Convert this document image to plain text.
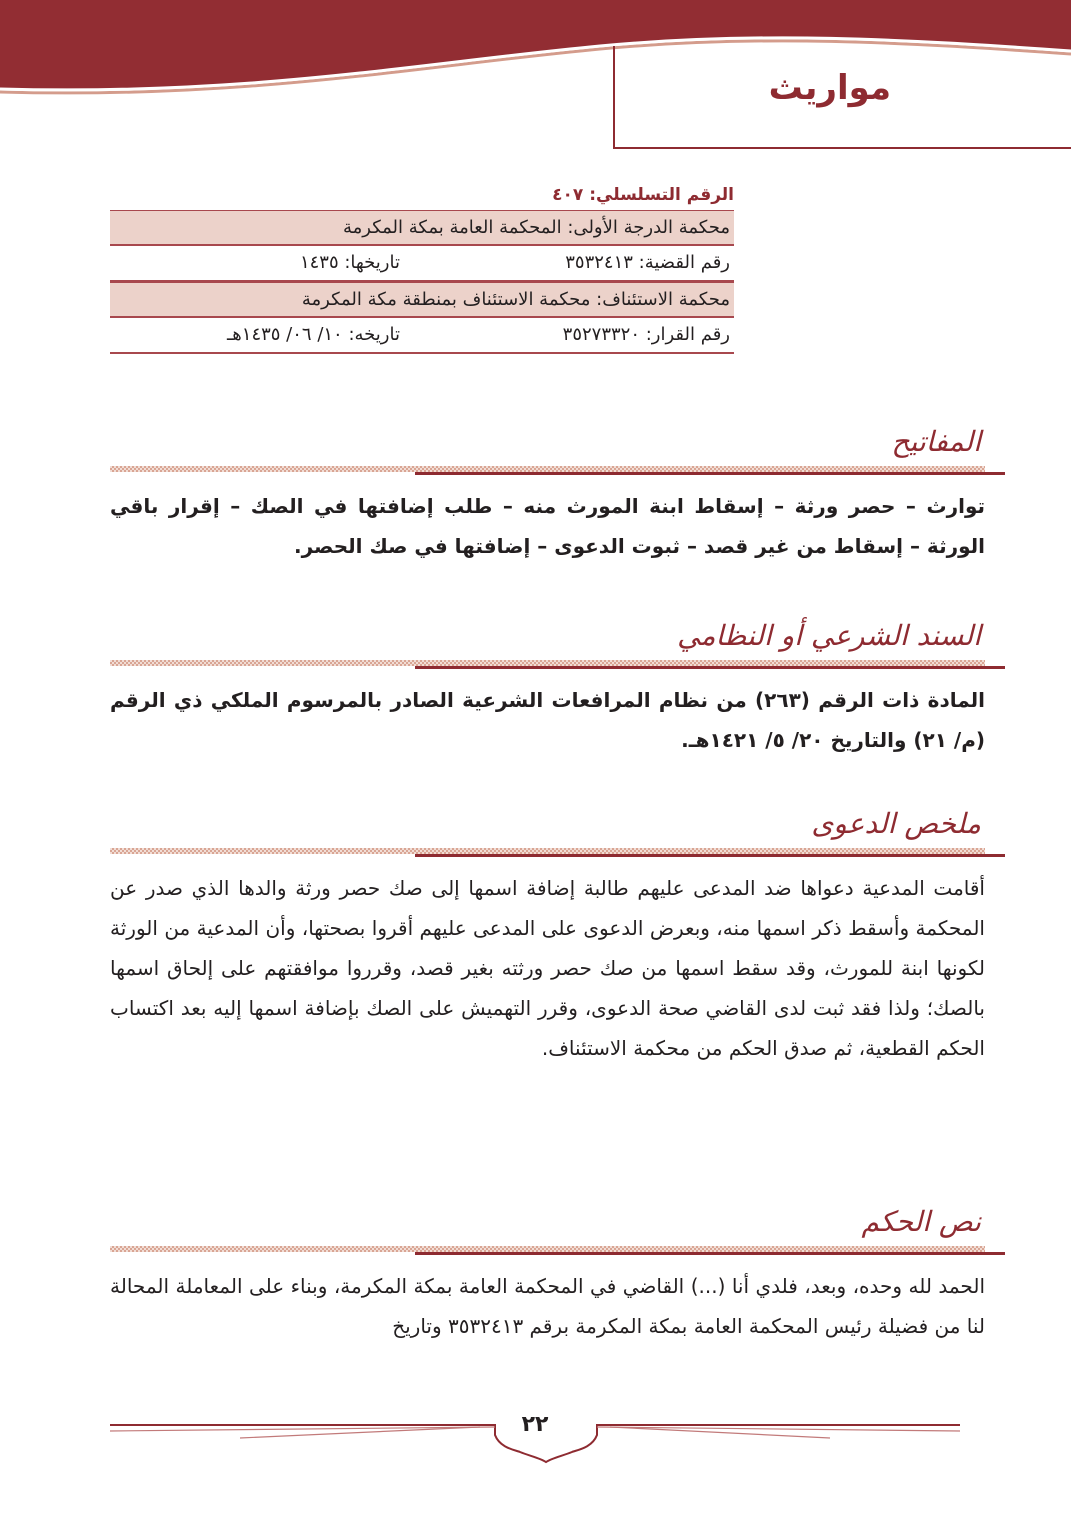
مواريث
الرقم التسلسلي: ٤٠٧
محكمة الدرجة الأولى: المحكمة العامة بمكة المكرمة
رقم القضية: ٣٥٣٢٤١٣
تاريخها: ١٤٣٥
محكمة الاستئناف: محكمة الاستئناف بمنطقة مكة المكرمة
رقم القرار: ٣٥٢٧٣٣٢٠
تاريخه: ١٠/ ٠٦/ ١٤٣٥هـ
المفاتيح

توارث – حصر ورثة – إسقاط ابنة المورث منه – طلب إضافتها في الصك – إقرار باقي الورثة – إسقاط من غير قصد – ثبوت الدعوى – إضافتها في صك الحصر.

السند الشرعي أو النظامي

المادة ذات الرقم (٢٦٣) من نظام المرافعات الشرعية الصادر بالمرسوم الملكي ذي الرقم (م/ ٢١) والتاريخ ٢٠/ ٥/ ١٤٢١هـ.

ملخص الدعوى

أقامت المدعية دعواها ضد المدعى عليهم طالبة إضافة اسمها إلى صك حصر ورثة والدها الذي صدر عن المحكمة وأسقط ذكر اسمها منه، وبعرض الدعوى على المدعى عليهم أقروا بصحتها، وأن المدعية من الورثة لكونها ابنة للمورث، وقد سقط اسمها من صك حصر ورثته بغير قصد، وقرروا موافقتهم على إلحاق اسمها بالصك؛ ولذا فقد ثبت لدى القاضي صحة الدعوى، وقرر التهميش على الصك بإضافة اسمها إليه بعد اكتساب الحكم القطعية، ثم صدق الحكم من محكمة الاستئناف.

نص الحكم

الحمد لله وحده، وبعد، فلدي أنا (...) القاضي في المحكمة العامة بمكة المكرمة، وبناء على المعاملة المحالة لنا من فضيلة رئيس المحكمة العامة بمكة المكرمة برقم ٣٥٣٢٤١٣ وتاريخ

٢٢
